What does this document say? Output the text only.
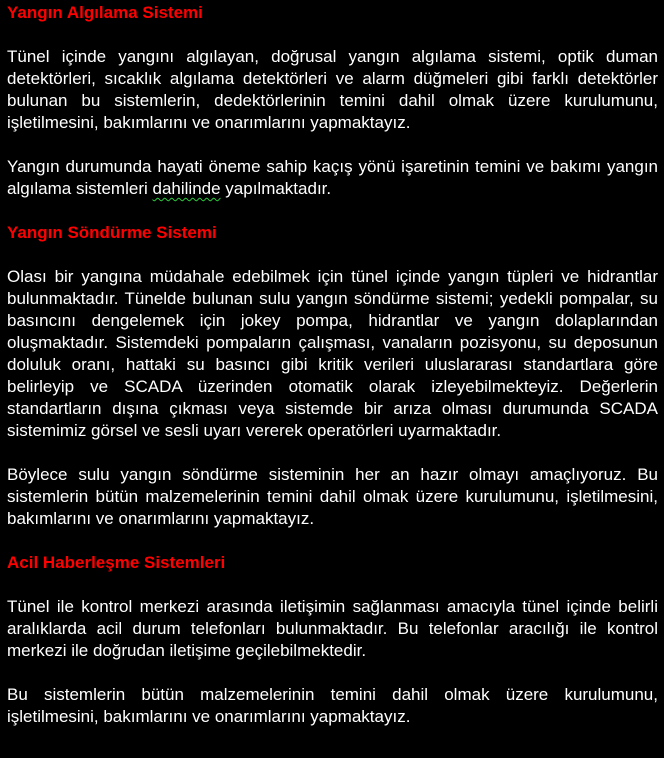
Yangın Algılama Sistemi

Tünel içinde yangını algılayan, doğrusal yangın algılama sistemi, optik duman detektörleri, sıcaklık algılama detektörleri ve alarm düğmeleri gibi farklı detektörler bulunan bu sistemlerin, dedektörlerinin temini dahil olmak üzere kurulumunu, işletilmesini, bakımlarını ve onarımlarını yapmaktayız.

Yangın durumunda hayati öneme sahip kaçış yönü işaretinin temini ve bakımı yangın algılama sistemleri dahilinde yapılmaktadır.

Yangın Söndürme Sistemi

Olası bir yangına müdahale edebilmek için tünel içinde yangın tüpleri ve hidrantlar bulunmaktadır. Tünelde bulunan sulu yangın söndürme sistemi; yedekli pompalar, su basıncını dengelemek için jokey pompa, hidrantlar ve yangın dolaplarından oluşmaktadır. Sistemdeki pompaların çalışması, vanaların pozisyonu, su deposunun doluluk oranı, hattaki su basıncı gibi kritik verileri uluslararası standartlara göre belirleyip ve SCADA üzerinden otomatik olarak izleyebilmekteyiz. Değerlerin standartların dışına çıkması veya sistemde bir arıza olması durumunda SCADA sistemimiz görsel ve sesli uyarı vererek operatörleri uyarmaktadır.

Böylece sulu yangın söndürme sisteminin her an hazır olmayı amaçlıyoruz. Bu sistemlerin bütün malzemelerinin temini dahil olmak üzere kurulumunu, işletilmesini, bakımlarını ve onarımlarını yapmaktayız.

Acil Haberleşme Sistemleri

Tünel ile kontrol merkezi arasında iletişimin sağlanması amacıyla tünel içinde belirli aralıklarda acil durum telefonları bulunmaktadır. Bu telefonlar aracılığı ile kontrol merkezi ile doğrudan iletişime geçilebilmektedir.

Bu sistemlerin bütün malzemelerinin temini dahil olmak üzere kurulumunu, işletilmesini, bakımlarını ve onarımlarını yapmaktayız.
